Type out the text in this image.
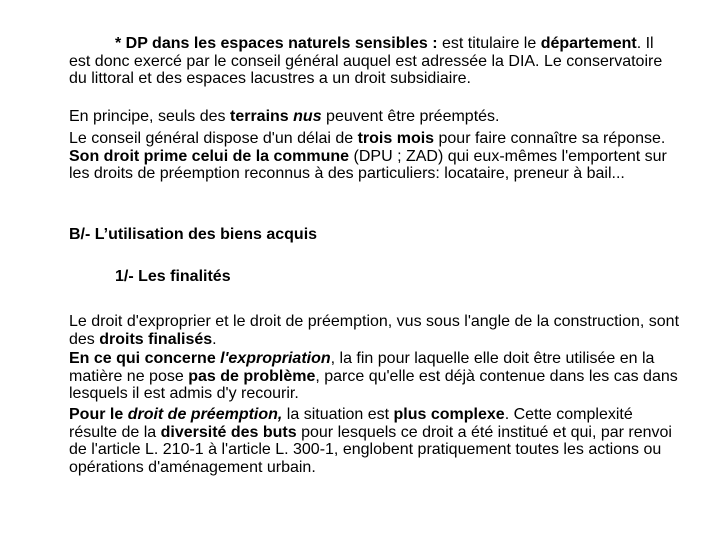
* DP dans les espaces naturels sensibles : est titulaire le département. Il est donc exercé par le conseil général auquel est adressée la DIA. Le conservatoire du littoral et des espaces lacustres a un droit subsidiaire.

En principe, seuls des terrains nus peuvent être préemptés.

Le conseil général dispose d'un délai de trois mois pour faire connaître sa réponse. Son droit prime celui de la commune (DPU ; ZAD) qui eux-mêmes l'emportent sur les droits de préemption reconnus à des particuliers: locataire, preneur à bail...

B/- L’utilisation des biens acquis
1/- Les finalités

Le droit d'exproprier et le droit de préemption, vus sous l'angle de la construction, sont des droits finalisés.

En ce qui concerne l'expropriation, la fin pour laquelle elle doit être utilisée en la matière ne pose pas de problème, parce qu'elle est déjà contenue dans les cas dans lesquels il est admis d'y recourir.

Pour le droit de préemption, la situation est plus complexe. Cette complexité résulte de la diversité des buts pour lesquels ce droit a été institué et qui, par renvoi de l'article L. 210-1 à l'article L. 300-1, englobent pratiquement toutes les actions ou opérations d'aménagement urbain.
